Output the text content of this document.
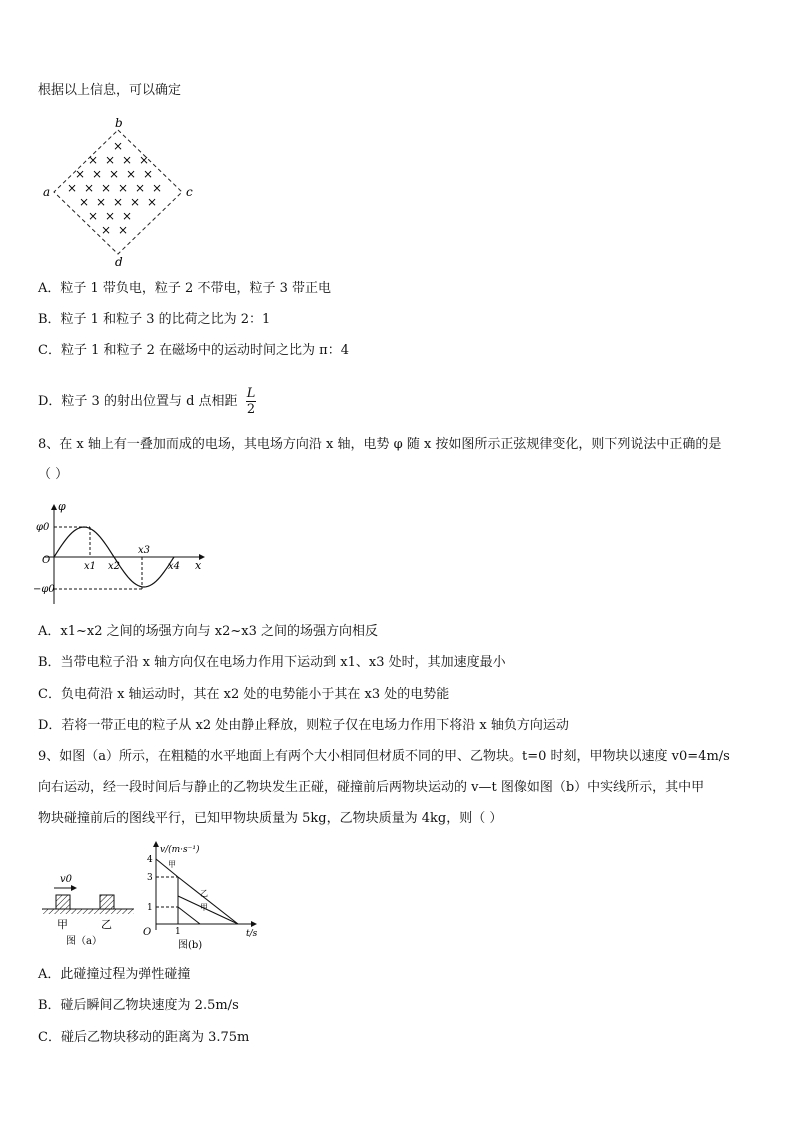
根据以上信息，可以确定
×
× × × ×
× × × × ×
× × × × × ×
× × × × ×
× × ×
× ×
b
a	c
d
A．粒子 1 带负电，粒子 2 不带电，粒子 3 带正电
B．粒子 1 和粒子 3 的比荷之比为 2：1
C．粒子 1 和粒子 2 在磁场中的运动时间之比为 π：4
D．粒子 3 的射出位置与 d 点相距 $\frac{L}{2}$
8、在 x 轴上有一叠加而成的电场，其电场方向沿 x 轴，电势 φ 随 x 按如图所示正弦规律变化，则下列说法中正确的是
（ ）
φ
φ0
−φ0
O
x1 x2
x3
x4 x
A．x1~x2 之间的场强方向与 x2~x3 之间的场强方向相反
B．当带电粒子沿 x 轴方向仅在电场力作用下运动到 x1、x3 处时，其加速度最小
C．负电荷沿 x 轴运动时，其在 x2 处的电势能小于其在 x3 处的电势能
D．若将一带正电的粒子从 x2 处由静止释放，则粒子仅在电场力作用下将沿 x 轴负方向运动
9、如图（a）所示，在粗糙的水平地面上有两个大小相同但材质不同的甲、乙物块。t=0 时刻，甲物块以速度 v0=4m/s
向右运动，经一段时间后与静止的乙物块发生正碰，碰撞前后两物块运动的 v—t 图像如图（b）中实线所示，其中甲
物块碰撞前后的图线平行，已知甲物块质量为 5kg，乙物块质量为 4kg，则（ ）
v0
甲	乙
图（a）
v/(m·s⁻¹)
t/s
O
4
3
1
1
甲
乙
甲
图(b)
A．此碰撞过程为弹性碰撞
B．碰后瞬间乙物块速度为 2.5m/s
C．碰后乙物块移动的距离为 3.75m
